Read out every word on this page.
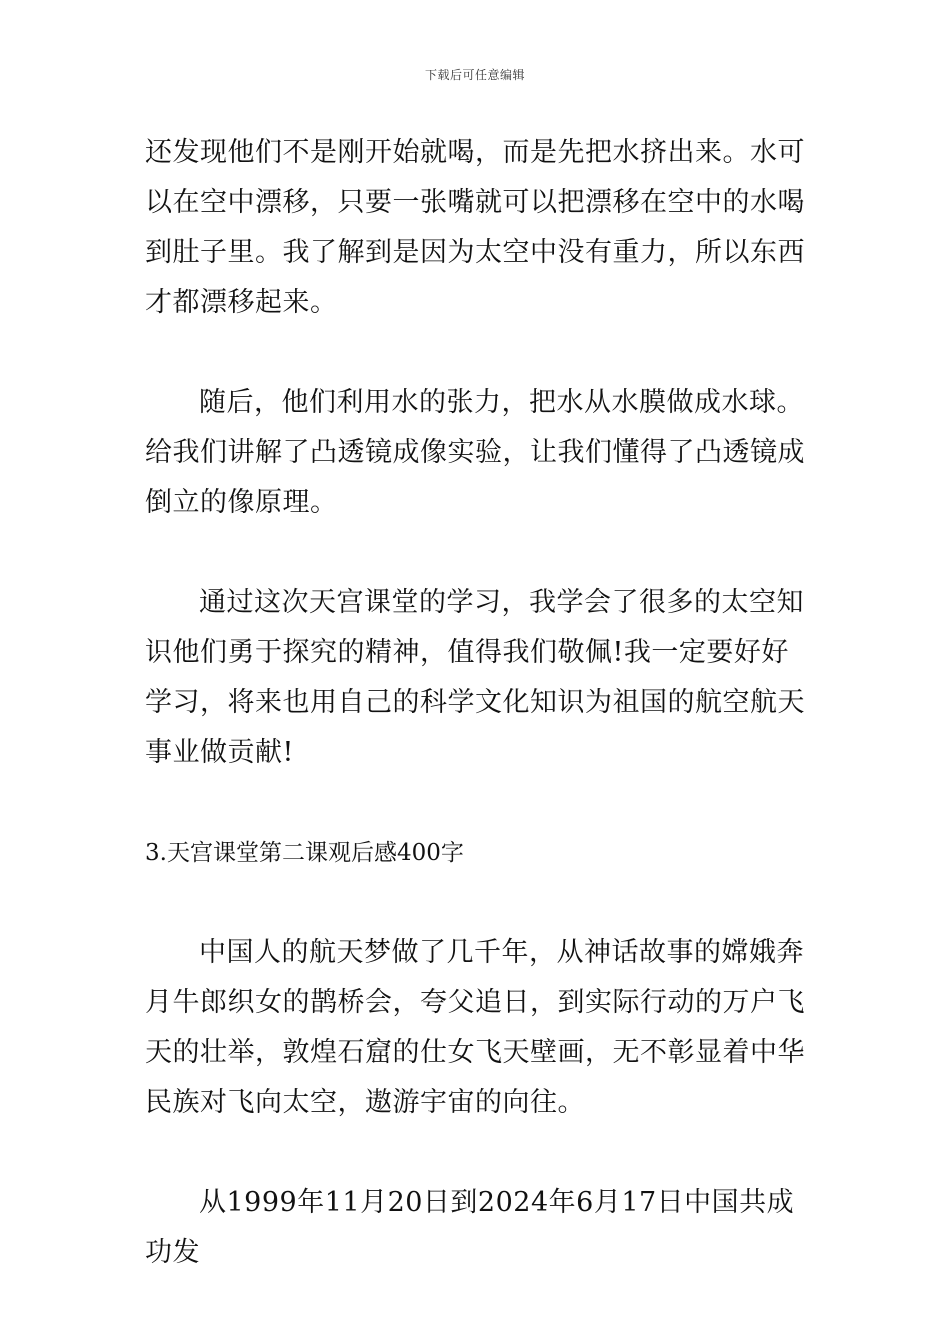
下载后可任意编辑

还发现他们不是刚开始就喝，而是先把水挤出来。水可以在空中漂移，只要一张嘴就可以把漂移在空中的水喝到肚子里。我了解到是因为太空中没有重力，所以东西才都漂移起来。

随后，他们利用水的张力，把水从水膜做成水球。给我们讲解了凸透镜成像实验，让我们懂得了凸透镜成倒立的像原理。

通过这次天宫课堂的学习，我学会了很多的太空知识他们勇于探究的精神，值得我们敬佩!我一定要好好学习，将来也用自己的科学文化知识为祖国的航空航天事业做贡献!

3.天宫课堂第二课观后感400字

中国人的航天梦做了几千年，从神话故事的嫦娥奔月牛郎织女的鹊桥会，夸父追日，到实际行动的万户飞天的壮举，敦煌石窟的仕女飞天壁画，无不彰显着中华民族对飞向太空，遨游宇宙的向往。

从1999年11月20日到2024年6月17日中国共成功发
